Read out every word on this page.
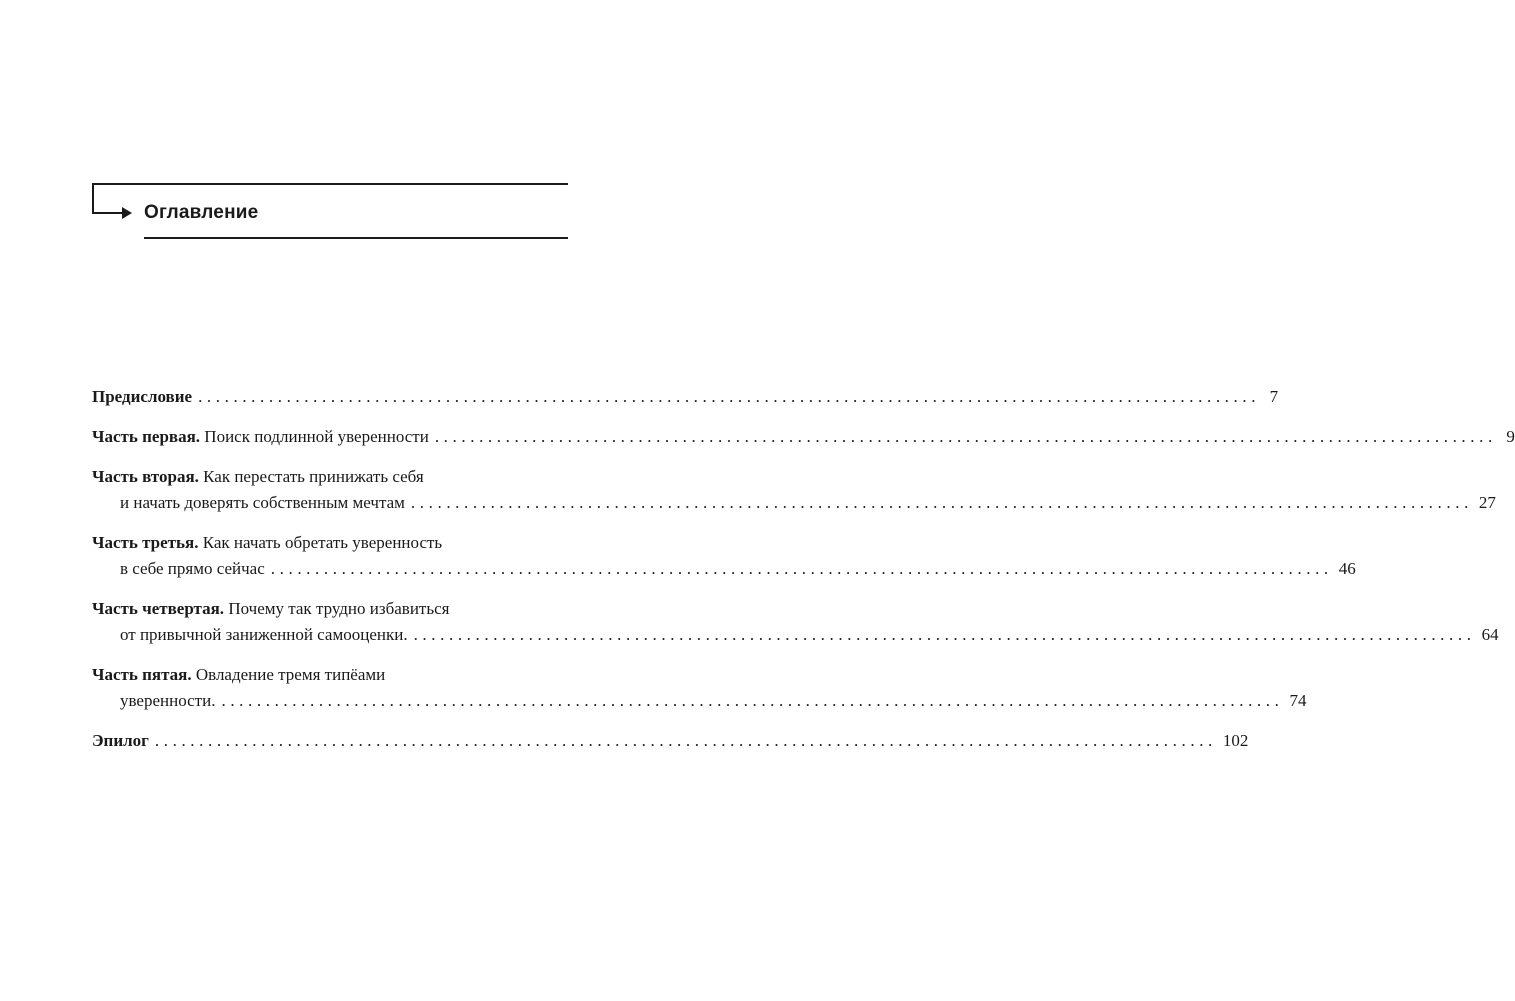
Оглавление
Предисловие ........................................................................................................................ 7
Часть первая.
Поиск подлинной уверенности ........................................................................................................................ 9
Часть вторая.
Как перестать принижать себя
и начать доверять собственным мечтам ........................................................................................................................ 27
Часть третья.
Как начать обретать уверенность
в себе прямо сейчас ........................................................................................................................ 46
Часть четвертая.
Почему так трудно избавиться
от привычной заниженной самооценки. ........................................................................................................................ 64
Часть пятая.
Овладение тремя типёами
уверенности. ........................................................................................................................ 74
Эпилог ........................................................................................................................ 102
